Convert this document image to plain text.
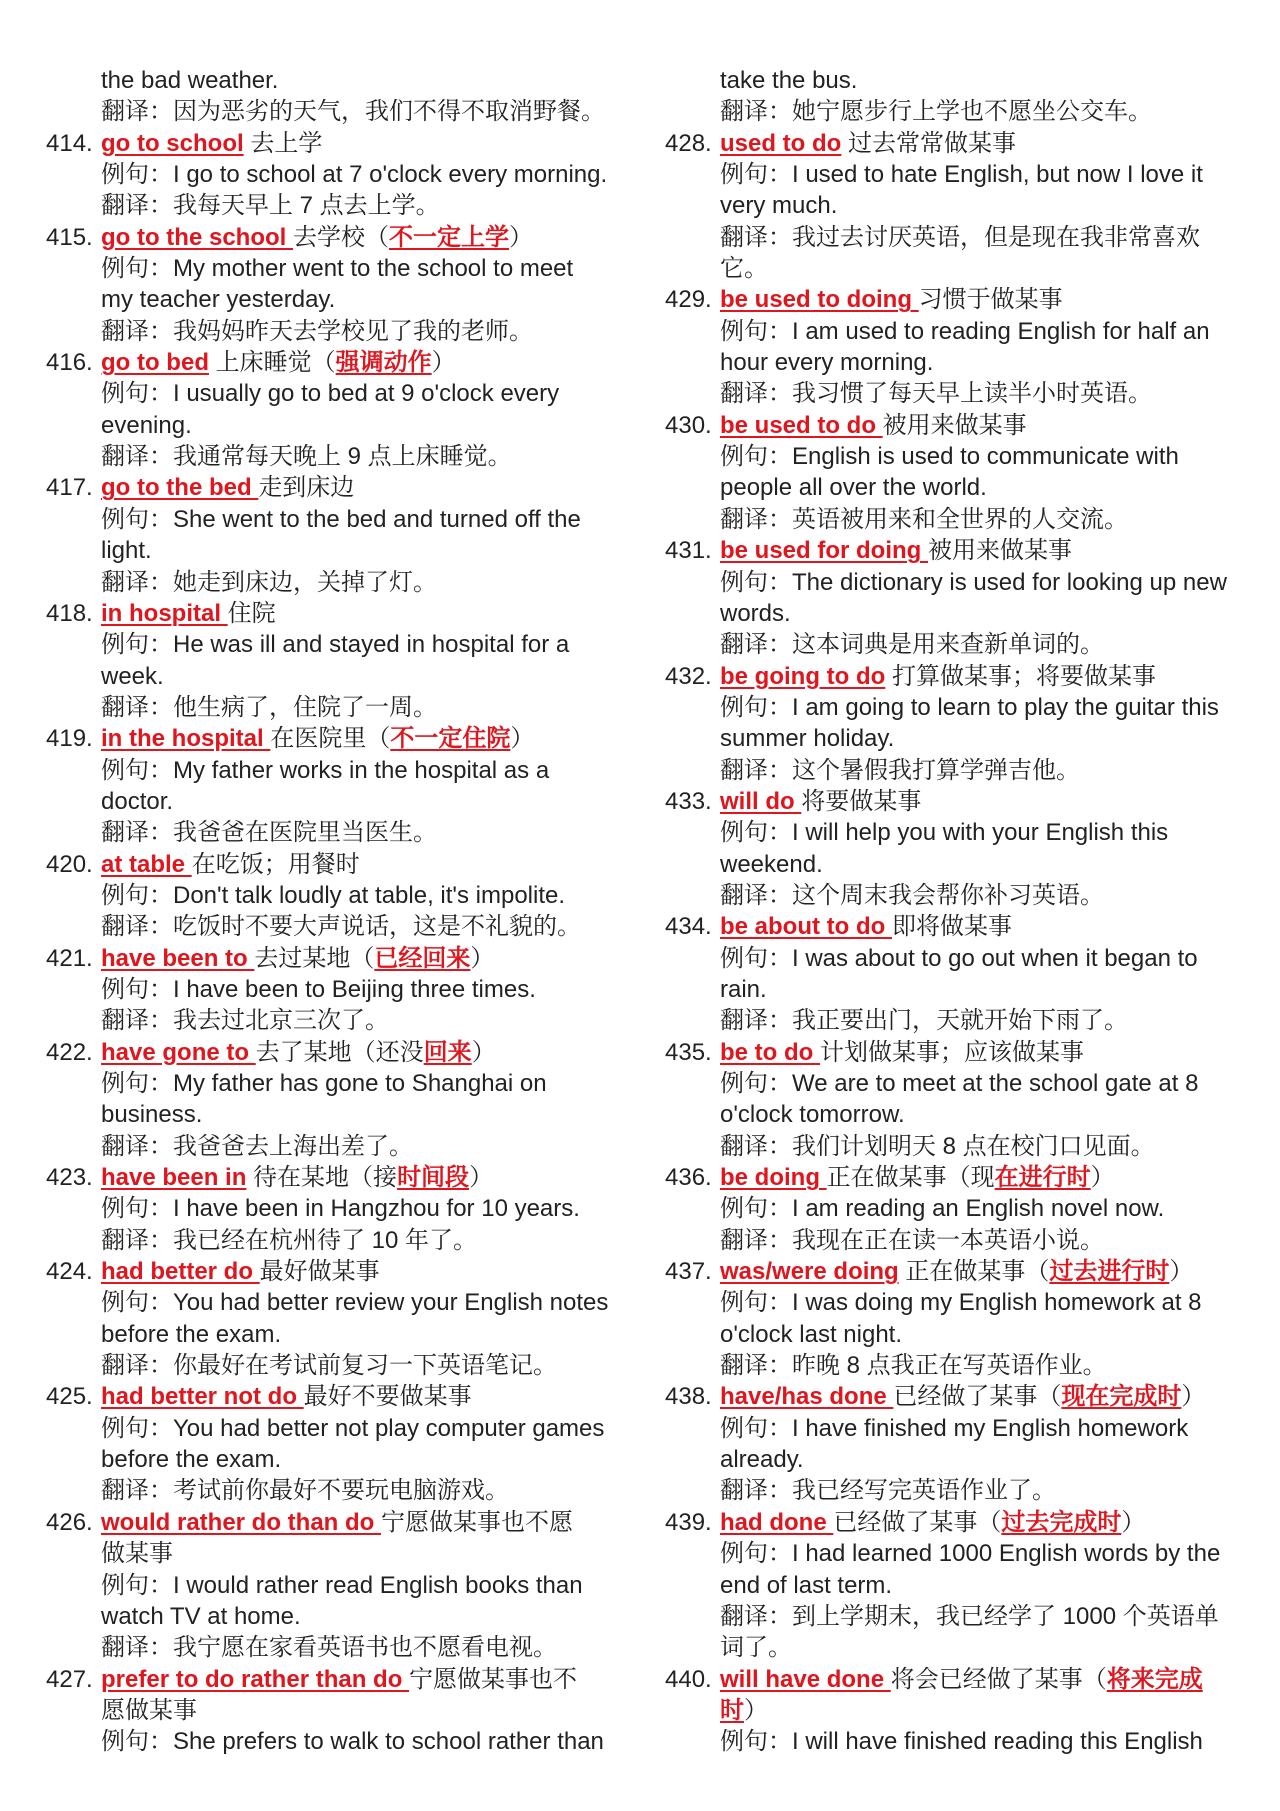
the bad weather.
翻译：因为恶劣的天气，我们不得不取消野餐。
414. go to school 去上学
例句：I go to school at 7 o'clock every morning.
翻译：我每天早上 7 点去上学。
415. go to the school 去学校（不一定上学）
例句：My mother went to the school to meet
my teacher yesterday.
翻译：我妈妈昨天去学校见了我的老师。
416. go to bed 上床睡觉（强调动作）
例句：I usually go to bed at 9 o'clock every
evening.
翻译：我通常每天晚上 9 点上床睡觉。
417. go to the bed 走到床边
例句：She went to the bed and turned off the
light.
翻译：她走到床边，关掉了灯。
418. in hospital 住院
例句：He was ill and stayed in hospital for a
week.
翻译：他生病了，住院了一周。
419. in the hospital 在医院里（不一定住院）
例句：My father works in the hospital as a
doctor.
翻译：我爸爸在医院里当医生。
420. at table 在吃饭；用餐时
例句：Don't talk loudly at table, it's impolite.
翻译：吃饭时不要大声说话，这是不礼貌的。
421. have been to 去过某地（已经回来）
例句：I have been to Beijing three times.
翻译：我去过北京三次了。
422. have gone to 去了某地（还没回来）
例句：My father has gone to Shanghai on
business.
翻译：我爸爸去上海出差了。
423. have been in 待在某地（接时间段）
例句：I have been in Hangzhou for 10 years.
翻译：我已经在杭州待了 10 年了。
424. had better do 最好做某事
例句：You had better review your English notes
before the exam.
翻译：你最好在考试前复习一下英语笔记。
425. had better not do 最好不要做某事
例句：You had better not play computer games
before the exam.
翻译：考试前你最好不要玩电脑游戏。
426. would rather do than do 宁愿做某事也不愿
做某事
例句：I would rather read English books than
watch TV at home.
翻译：我宁愿在家看英语书也不愿看电视。
427. prefer to do rather than do 宁愿做某事也不
愿做某事
例句：She prefers to walk to school rather than
take the bus.
翻译：她宁愿步行上学也不愿坐公交车。
428. used to do 过去常常做某事
例句：I used to hate English, but now I love it
very much.
翻译：我过去讨厌英语，但是现在我非常喜欢
它。
429. be used to doing 习惯于做某事
例句：I am used to reading English for half an
hour every morning.
翻译：我习惯了每天早上读半小时英语。
430. be used to do 被用来做某事
例句：English is used to communicate with
people all over the world.
翻译：英语被用来和全世界的人交流。
431. be used for doing 被用来做某事
例句：The dictionary is used for looking up new
words.
翻译：这本词典是用来查新单词的。
432. be going to do 打算做某事；将要做某事
例句：I am going to learn to play the guitar this
summer holiday.
翻译：这个暑假我打算学弹吉他。
433. will do 将要做某事
例句：I will help you with your English this
weekend.
翻译：这个周末我会帮你补习英语。
434. be about to do 即将做某事
例句：I was about to go out when it began to
rain.
翻译：我正要出门，天就开始下雨了。
435. be to do 计划做某事；应该做某事
例句：We are to meet at the school gate at 8
o'clock tomorrow.
翻译：我们计划明天 8 点在校门口见面。
436. be doing 正在做某事（现在进行时）
例句：I am reading an English novel now.
翻译：我现在正在读一本英语小说。
437. was/were doing 正在做某事（过去进行时）
例句：I was doing my English homework at 8
o'clock last night.
翻译：昨晚 8 点我正在写英语作业。
438. have/has done 已经做了某事（现在完成时）
例句：I have finished my English homework
already.
翻译：我已经写完英语作业了。
439. had done 已经做了某事（过去完成时）
例句：I had learned 1000 English words by the
end of last term.
翻译：到上学期末，我已经学了 1000 个英语单
词了。
440. will have done 将会已经做了某事（将来完成
时）
例句：I will have finished reading this English
